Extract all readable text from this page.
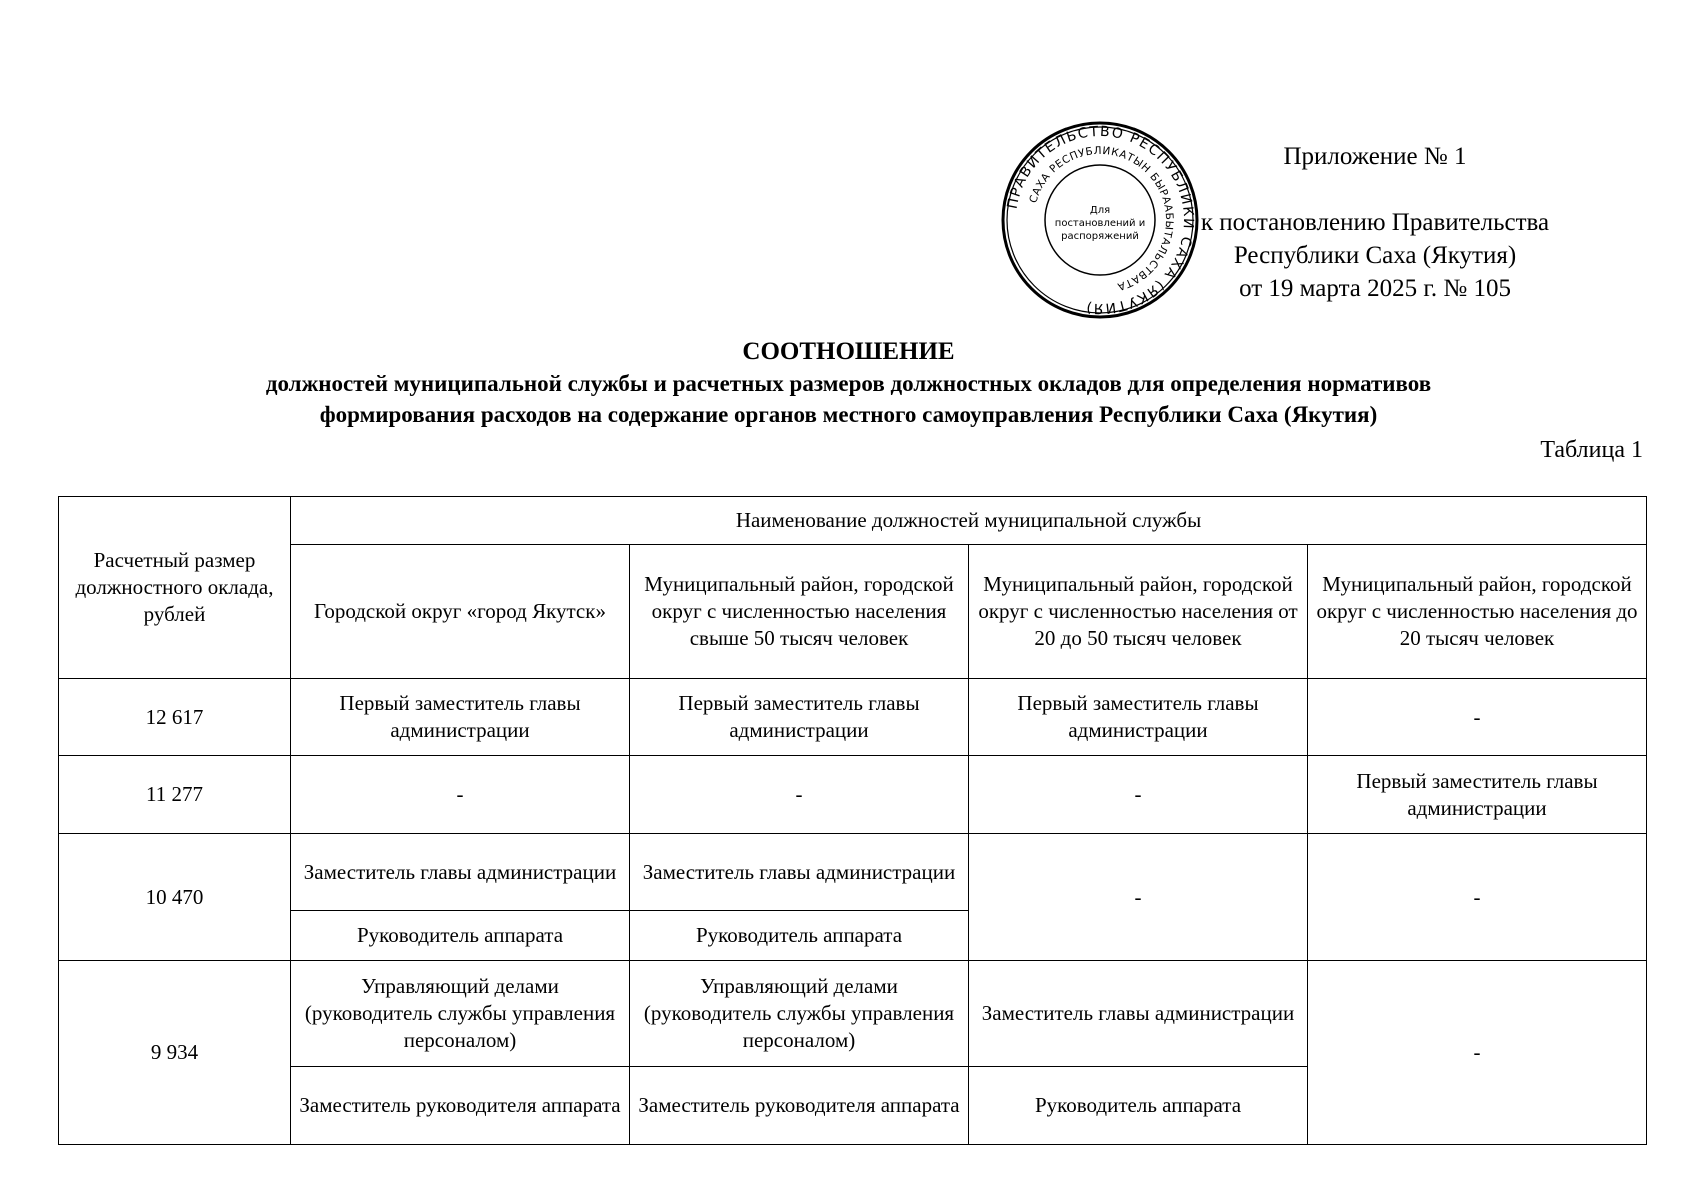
Приложение № 1
к постановлению Правительства
Республики Саха (Якутия)
от 19 марта 2025 г. № 105
ПРАВИТЕЛЬСТВО РЕСПУБЛИКИ САХА (ЯКУТИЯ)
САХА РЕСПУБЛИКАТЫН БЫРААБЫТАЛЬСТВАТА
Для
постановлений и
распоряжений
СООТНОШЕНИЕ
должностей муниципальной службы и расчетных размеров должностных окладов для определения нормативов
формирования расходов на содержание органов местного самоуправления Республики Саха (Якутия)
Таблица 1
Расчетный размер должностного оклада, рублей	Наименование должностей муниципальной службы			
	Городской округ «город Якутск»	Муниципальный район, городской округ с численностью населения свыше 50 тысяч человек	Муниципальный район, городской округ с численностью населения от 20 до 50 тысяч человек	Муниципальный район, городской округ с численностью населения до 20 тысяч человек
12 617	Первый заместитель главы администрации	Первый заместитель главы администрации	Первый заместитель главы администрации	-
11 277	-	-	-	Первый заместитель главы администрации
10 470	Заместитель главы администрации	Заместитель главы администрации	-	-
	Руководитель аппарата	Руководитель аппарата		
9 934	Управляющий делами (руководитель службы управления персоналом)	Управляющий делами (руководитель службы управления персоналом)	Заместитель главы администрации	-
	Заместитель руководителя аппарата	Заместитель руководителя аппарата	Руководитель аппарата	
